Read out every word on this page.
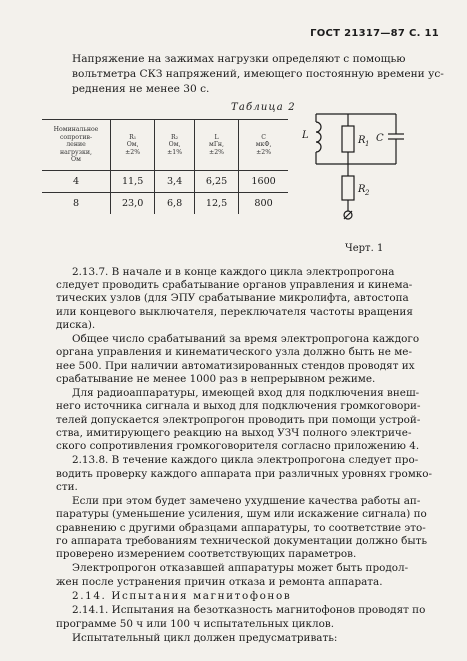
ГОСТ 21317—87 С. 11
Напряжение на зажимах нагрузки определяют с помощью
вольтметра СКЗ напряжений, имеющего постоянную времени ус-
реднения не менее 30 с.
Таблица 2
Номинальное
сопротив-
ление
нагрузки,
Ом	R₁
Ом,
±2%	R₂
Ом,
±1%	L
мГн,
±2%	C
мкФ,
±2%

4	11,5	3,4	6,25	1600
8	23,0	6,8	12,5	800
L	R 1 C
R 2
Черт. 1
2.13.7. В начале и в конце каждого цикла электропрогона
следует проводить срабатывание органов управления и кинема-
тических узлов (для ЭПУ срабатывание микролифта, автостопа
или концевого выключателя, переключателя частоты вращения
диска).
Общее число срабатываний за время электропрогона каждого
органа управления и кинематического узла должно быть не ме-
нее 500. При наличии автоматизированных стендов проводят их
срабатывание не менее 1000 раз в непрерывном режиме.
Для радиоаппаратуры, имеющей вход для подключения внеш-
него источника сигнала и выход для подключения громкоговори-
телей допускается электропрогон проводить при помощи устрой-
ства, имитирующего реакцию на выход УЗЧ полного электриче-
ского сопротивления громкоговорителя согласно приложению 4.
2.13.8. В течение каждого цикла электропрогона следует про-
водить проверку каждого аппарата при различных уровнях громко-
сти.
Если при этом будет замечено ухудшение качества работы ап-
паратуры (уменьшение усиления, шум или искажение сигнала) по
сравнению с другими образцами аппаратуры, то соответствие это-
го аппарата требованиям технической документации должно быть
проверено измерением соответствующих параметров.
Электропрогон отказавшей аппаратуры может быть продол-
жен после устранения причин отказа и ремонта аппарата.
2.14. Испытания магнитофонов
2.14.1. Испытания на безотказность магнитофонов проводят по
программе 50 ч или 100 ч испытательных циклов.
Испытательный цикл должен предусматривать:
